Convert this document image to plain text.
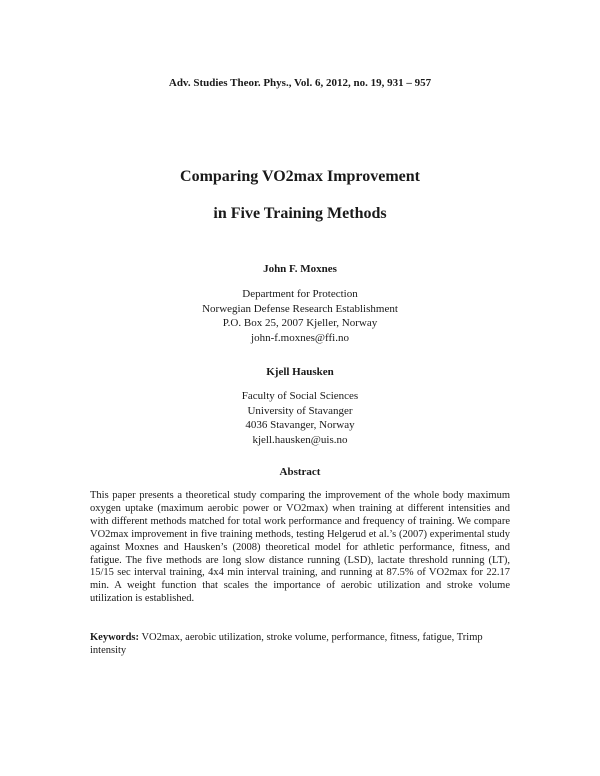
Adv. Studies Theor. Phys., Vol. 6, 2012, no. 19, 931 – 957
Comparing VO2max Improvement
in Five Training Methods
John F. Moxnes
Department for Protection
Norwegian Defense Research Establishment
P.O. Box 25, 2007 Kjeller, Norway
john-f.moxnes@ffi.no
Kjell Hausken
Faculty of Social Sciences
University of Stavanger
4036 Stavanger, Norway
kjell.hausken@uis.no
Abstract
This paper presents a theoretical study comparing the improvement of the whole body maximum oxygen uptake (maximum aerobic power or VO2max) when training at different intensities and with different methods matched for total work performance and frequency of training. We compare VO2max improvement in five training methods, testing Helgerud et al.’s (2007) experimental study against Moxnes and Hausken’s (2008) theoretical model for athletic performance, fitness, and fatigue. The five methods are long slow distance running (LSD), lactate threshold running (LT), 15/15 sec interval training, 4x4 min interval training, and running at 87.5% of VO2max for 22.17 min. A weight function that scales the importance of aerobic utilization and stroke volume utilization is established.
Keywords: VO2max, aerobic utilization, stroke volume, performance, fitness, fatigue, Trimp intensity
